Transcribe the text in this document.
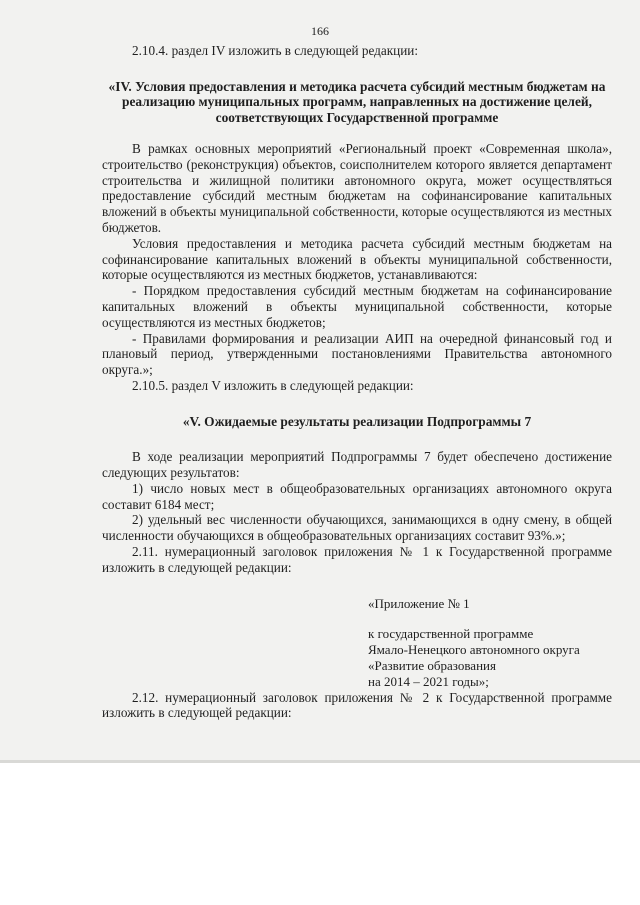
166

2.10.4. раздел IV изложить в следующей редакции:

«IV. Условия предоставления и методика расчета субсидий местным бюджетам на реализацию муниципальных программ, направленных на достижение целей, соответствующих Государственной программе

В рамках основных мероприятий «Региональный проект «Современная школа», строительство (реконструкция) объектов, соисполнителем которого является департамент строительства и жилищной политики автономного округа, может осуществляться предоставление субсидий местным бюджетам на софинансирование капитальных вложений в объекты муниципальной собственности, которые осуществляются из местных бюджетов.

Условия предоставления и методика расчета субсидий местным бюджетам на софинансирование капитальных вложений в объекты муниципальной собственности, которые осуществляются из местных бюджетов, устанавливаются:

- Порядком предоставления субсидий местным бюджетам на софинансирование капитальных вложений в объекты муниципальной собственности, которые осуществляются из местных бюджетов;

- Правилами формирования и реализации АИП на очередной финансовый год и плановый период, утвержденными постановлениями Правительства автономного округа.»;

2.10.5. раздел V изложить в следующей редакции:

«V. Ожидаемые результаты реализации Подпрограммы 7

В ходе реализации мероприятий Подпрограммы 7 будет обеспечено достижение следующих результатов:

1) число новых мест в общеобразовательных организациях автономного округа составит 6184 мест;

2) удельный вес численности обучающихся, занимающихся в одну смену, в общей численности обучающихся в общеобразовательных организациях составит 93%.»;

2.11. нумерационный заголовок приложения № 1 к Государственной программе изложить в следующей редакции:

«Приложение № 1
к государственной программе
Ямало-Ненецкого автономного округа
«Развитие образования
на 2014 – 2021 годы»;

2.12. нумерационный заголовок приложения № 2 к Государственной программе изложить в следующей редакции:
